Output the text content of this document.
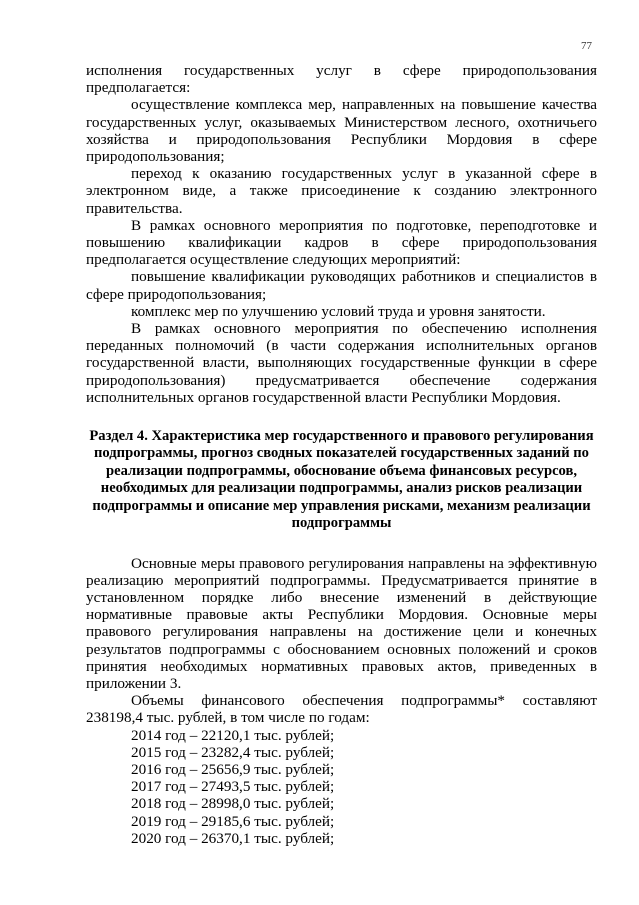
77

исполнения государственных услуг в сфере природопользования предполагается:

осуществление комплекса мер, направленных на повышение качества государственных услуг, оказываемых Министерством лесного, охотничьего хозяйства и природопользования Республики Мордовия в сфере природопользования;

переход к оказанию государственных услуг в указанной сфере в электронном виде, а также присоединение к созданию электронного правительства.

В рамках основного мероприятия по подготовке, переподготовке и повышению квалификации кадров в сфере природопользования предполагается осуществление следующих мероприятий:

повышение квалификации руководящих работников и специалистов в сфере природопользования;

комплекс мер по улучшению условий труда и уровня занятости.

В рамках основного мероприятия по обеспечению исполнения переданных полномочий (в части содержания исполнительных органов государственной власти, выполняющих государственные функции в сфере природопользования) предусматривается обеспечение содержания исполнительных органов государственной власти Республики Мордовия.

Раздел 4. Характеристика мер государственного и правового регулирования подпрограммы, прогноз сводных показателей государственных заданий по реализации подпрограммы, обоснование объема финансовых ресурсов, необходимых для реализации подпрограммы, анализ рисков реализации подпрограммы и описание мер управления рисками, механизм реализации подпрограммы

Основные меры правового регулирования направлены на эффективную реализацию мероприятий подпрограммы. Предусматривается принятие в установленном порядке либо внесение изменений в действующие нормативные правовые акты Республики Мордовия. Основные меры правового регулирования направлены на достижение цели и конечных результатов подпрограммы с обоснованием основных положений и сроков принятия необходимых нормативных правовых актов, приведенных в приложении 3.

Объемы финансового обеспечения подпрограммы* составляют 238198,4 тыс. рублей, в том числе по годам:

2014 год – 22120,1 тыс. рублей;
2015 год – 23282,4 тыс. рублей;
2016 год – 25656,9 тыс. рублей;
2017 год – 27493,5 тыс. рублей;
2018 год – 28998,0 тыс. рублей;
2019 год – 29185,6 тыс. рублей;
2020 год – 26370,1 тыс. рублей;
